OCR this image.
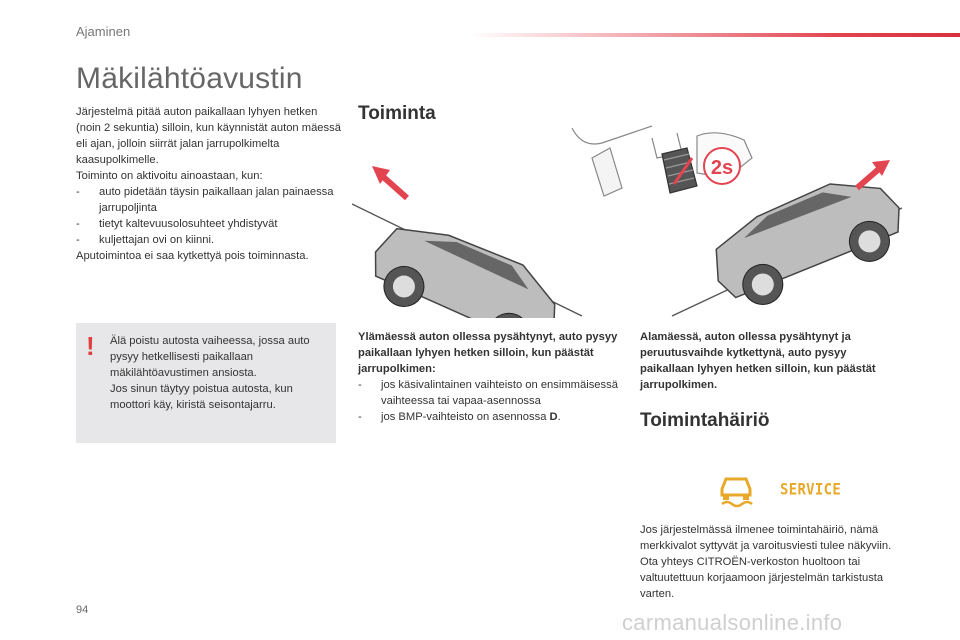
Ajaminen
Mäkilähtöavustin

Järjestelmä pitää auton paikallaan lyhyen hetken (noin 2 sekuntia) silloin, kun käynnistät auton mäessä eli ajan, jolloin siirrät jalan jarrupolkimelta kaasupolkimelle.

Toiminto on aktivoitu ainoastaan, kun:

- auto pidetään täysin paikallaan jalan painaessa jarrupoljinta
- tietyt kaltevuusolosuhteet yhdistyvät
- kuljettajan ovi on kiinni.

Aputoimintoa ei saa kytkettyä pois toiminnasta.

! Älä poistu autosta vaiheessa, jossa auto pysyy hetkellisesti paikallaan mäkilähtöavustimen ansiosta.
Jos sinun täytyy poistua autosta, kun moottori käy, kiristä seisontajarru.
Toiminta
2s

Ylämäessä auton ollessa pysähtynyt, auto pysyy paikallaan lyhyen hetken silloin, kun päästät jarrupolkimen:

- jos käsivalintainen vaihteisto on ensimmäisessä vaihteessa tai vapaa-asennossa
- jos BMP-vaihteisto on asennossa D.

Alamäessä, auton ollessa pysähtynyt ja peruutusvaihde kytkettynä, auto pysyy paikallaan lyhyen hetken silloin, kun päästät jarrupolkimen.

Toimintahäiriö
SERVICE
Jos järjestelmässä ilmenee toimintahäiriö, nämä merkkivalot syttyvät ja varoitusviesti tulee näkyviin. Ota yhteys CITROËN-verkoston huoltoon tai valtuutettuun korjaamoon järjestelmän tarkistusta varten.
94	carmanualsonline.info
